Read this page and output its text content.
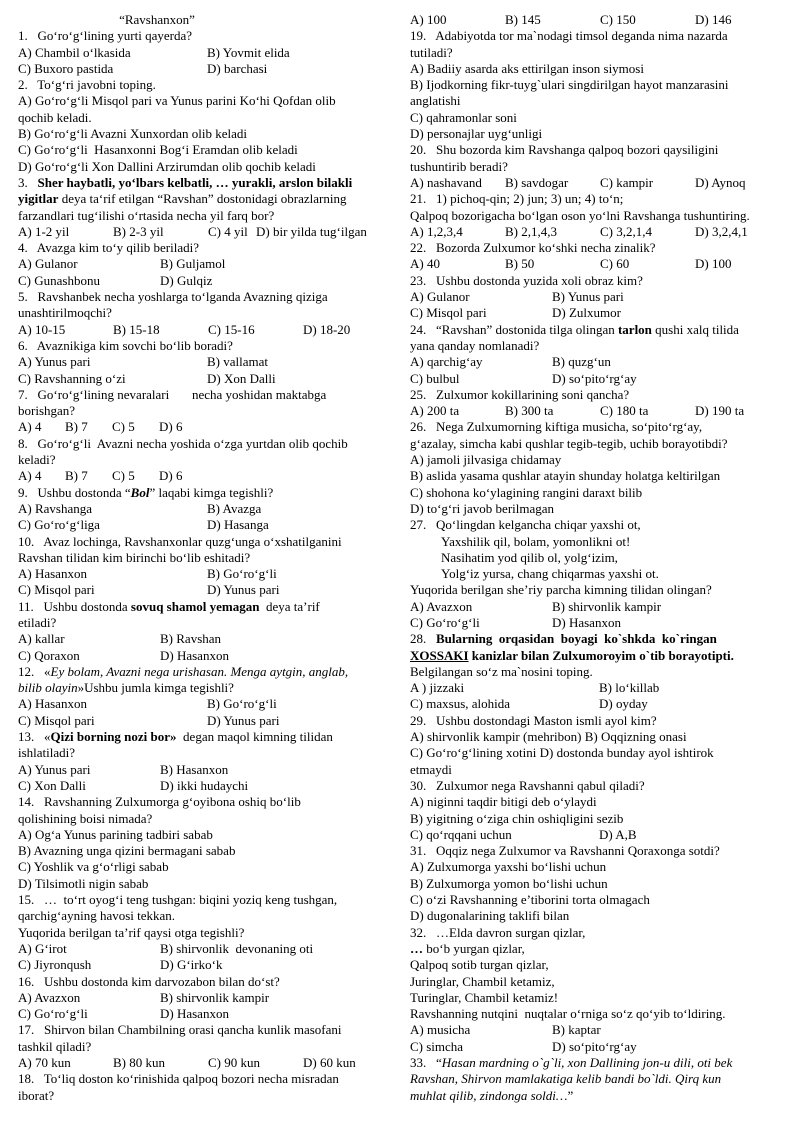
“Ravshanxon”
1.   Go‘ro‘g‘lining yurti qayerda?
A) Chambil o‘lkasida	B) Yovmit elida
C) Buxoro pastida	D) barchasi
2.   To‘g‘ri javobni toping.
A) Go‘ro‘g‘li Misqol pari va Yunus parini Ko‘hi Qofdan olib
qochib keladi.
B) Go‘ro‘g‘li Avazni Xunxordan olib keladi
C) Go‘ro‘g‘li  Hasanxonni Bog‘i Eramdan olib keladi
D) Go‘ro‘g‘li Xon Dallini Arzirumdan olib qochib keladi
3.   Sher haybatli, yo‘lbars kelbatli, … yurakli, arslon bilakli
yigitlar deya ta‘rif etilgan “Ravshan” dostonidagi obrazlarning
farzandlari tug‘ilishi o‘rtasida necha yil farq bor?
A) 1-2 yil	B) 2-3 yil	C) 4 yil D) bir yilda tug‘ilgan
4.   Avazga kim to‘y qilib beriladi?
A) Gulanor	B) Guljamol
C) Gunashbonu	D) Gulqiz
5.   Ravshanbek necha yoshlarga to‘lganda Avazning qiziga
unashtirilmoqchi?
A) 10-15	B) 15-18	C) 15-16	D) 18-20
6.   Avaznikiga kim sovchi bo‘lib boradi?
A) Yunus pari	B) vallamat
C) Ravshanning o‘zi	D) Xon Dalli
7.   Go‘ro‘g‘lining nevaralari       necha yoshidan maktabga
borishgan?
A) 4	B) 7	C) 5	D) 6
8.   Go‘ro‘g‘li  Avazni necha yoshida o‘zga yurtdan olib qochib
keladi?
A) 4	B) 7	C) 5	D) 6
9.   Ushbu dostonda “Bol” laqabi kimga tegishli?
A) Ravshanga	B) Avazga
C) Go‘ro‘g‘liga	D) Hasanga
10.   Avaz lochinga, Ravshanxonlar quzg‘unga o‘xshatilganini
Ravshan tilidan kim birinchi bo‘lib eshitadi?
A) Hasanxon	B) Go‘ro‘g‘li
C) Misqol pari	D) Yunus pari
11.   Ushbu dostonda sovuq shamol yemagan  deya ta’rif
etiladi?
A) kallar	B) Ravshan
C) Qoraxon	D) Hasanxon
12.   «Ey bolam, Avazni nega urishasan. Menga aytgin, anglab,
bilib olayin»Ushbu jumla kimga tegishli?
A) Hasanxon	B) Go‘ro‘g‘li
C) Misqol pari	D) Yunus pari
13.   «Qizi borning nozi bor»  degan maqol kimning tilidan
ishlatiladi?
A) Yunus pari	B) Hasanxon
C) Xon Dalli	D) ikki hudaychi
14.   Ravshanning Zulxumorga g‘oyibona oshiq bo‘lib
qolishining boisi nimada?
A) Og‘a Yunus parining tadbiri sabab
B) Avazning unga qizini bermagani sabab
C) Yoshlik va g‘o‘rligi sabab
D) Tilsimotli nigin sabab
15.   …  to‘rt oyog‘i teng tushgan: biqini yoziq keng tushgan,
qarchig‘ayning havosi tekkan.
Yuqorida berilgan ta’rif qaysi otga tegishli?
A) G‘irot	B) shirvonlik  devonaning oti
C) Jiyronqush	D) G‘irko‘k
16.   Ushbu dostonda kim darvozabon bilan do‘st?
A) Avazxon	B) shirvonlik kampir
C) Go‘ro‘g‘li	D) Hasanxon
17.   Shirvon bilan Chambilning orasi qancha kunlik masofani
tashkil qiladi?
A) 70 kun	B) 80 kun	C) 90 kun	D) 60 kun
18.   To‘liq doston ko‘rinishida qalpoq bozori necha misradan
iborat?
A) 100	B) 145	C) 150	D) 146
19.   Adabiyotda tor ma`nodagi timsol deganda nima nazarda
tutiladi?
A) Badiiy asarda aks ettirilgan inson siymosi
B) Ijodkorning fikr-tuyg`ulari singdirilgan hayot manzarasini
anglatishi
C) qahramonlar soni
D) personajlar uyg‘unligi
20.   Shu bozorda kim Ravshanga qalpoq bozori qaysiligini
tushuntirib beradi?
A) nashavand	B) savdogar	C) kampir	D) Aynoq
21.   1) pichoq-qin; 2) jun; 3) un; 4) to‘n;
Qalpoq bozorigacha bo‘lgan oson yo‘lni Ravshanga tushuntiring.
A) 1,2,3,4	B) 2,1,4,3	C) 3,2,1,4	D) 3,2,4,1
22.   Bozorda Zulxumor ko‘shki necha zinalik?
A) 40	B) 50	C) 60	D) 100
23.   Ushbu dostonda yuzida xoli obraz kim?
A) Gulanor	B) Yunus pari
C) Misqol pari	D) Zulxumor
24.   “Ravshan” dostonida tilga olingan tarlon qushi xalq tilida
yana qanday nomlanadi?
A) qarchig‘ay	B) quzg‘un
C) bulbul	D) so‘pito‘rg‘ay
25.   Zulxumor kokillarining soni qancha?
A) 200 ta	B) 300 ta	C) 180 ta	D) 190 ta
26.   Nega Zulxumorning kiftiga musicha, so‘pito‘rg‘ay,
g‘azalay, simcha kabi qushlar tegib-tegib, uchib borayotibdi?
A) jamoli jilvasiga chidamay
B) aslida yasama qushlar atayin shunday holatga keltirilgan
C) shohona ko‘ylagining rangini daraxt bilib
D) to‘g‘ri javob berilmagan
27.   Qo‘lingdan kelgancha chiqar yaxshi ot,
Yaxshilik qil, bolam, yomonlikni ot!
Nasihatim yod qilib ol, yolg‘izim,
Yolg‘iz yursa, chang chiqarmas yaxshi ot.
Yuqorida berilgan she’riy parcha kimning tilidan olingan?
A) Avazxon	B) shirvonlik kampir
C) Go‘ro‘g‘li	D) Hasanxon
28.   Bularning  orqasidan  boyagi  ko`shkda  ko`ringan
XOSSAKI kanizlar bilan Zulxumoroyim o`tib borayotipti.
Belgilangan so‘z ma`nosini toping.
A ) jizzaki	B) lo‘killab
C) maxsus, alohida	D) oyday
29.   Ushbu dostondagi Maston ismli ayol kim?
A) shirvonlik kampir (mehribon) B) Oqqizning onasi
C) Go‘ro‘g‘lining xotini D) dostonda bunday ayol ishtirok
etmaydi
30.   Zulxumor nega Ravshanni qabul qiladi?
A) niginni taqdir bitigi deb o‘ylaydi
B) yigitning o‘ziga chin oshiqligini sezib
C) qo‘rqqani uchun	D) A,B
31.   Oqqiz nega Zulxumor va Ravshanni Qoraxonga sotdi?
A) Zulxumorga yaxshi bo‘lishi uchun
B) Zulxumorga yomon bo‘lishi uchun
C) o‘zi Ravshanning e’tiborini torta olmagach
D) dugonalarining taklifi bilan
32.   …Elda davron surgan qizlar,
… bo‘b yurgan qizlar,
Qalpoq sotib turgan qizlar,
Juringlar, Chambil ketamiz,
Turinglar, Chambil ketamiz!
Ravshanning nutqini  nuqtalar o‘rniga so‘z qo‘yib to‘ldiring.
A) musicha	B) kaptar
C) simcha	D) so‘pito‘rg‘ay
33.   “Hasan mardning o`g`li, xon Dallining jon-u dili, oti bek
Ravshan, Shirvon mamlakatiga kelib bandi bo`ldi. Qirq kun
muhlat qilib, zindonga soldi…”
